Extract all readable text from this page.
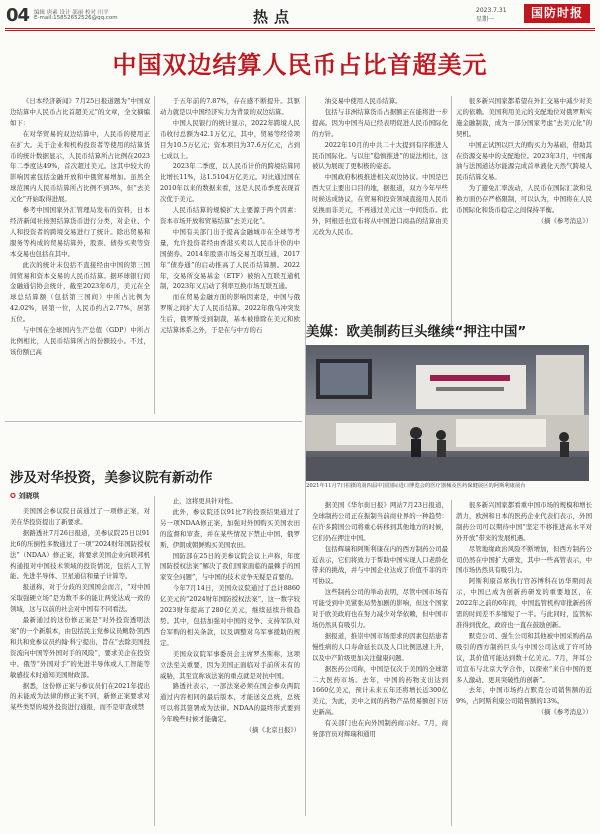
04 编辑 唐素 设计 邵丽 校对 川平
E-mail:15852652526@qq.com	热点	2023.7.31
星期一	国防时报
中国双边结算人民币占比首超美元

《日本经济新闻》7月25日报道题为“中国双边结算中人民币占比首超美元”的文章，全文摘编如下：

在对华贸易的双边结算中，人民币的使用正在扩大。关于企业和机构投资者等使用的结算货币的统计数据显示，人民币结算所占比例在2023年二季度达49%，首次超过美元。这其中较大的影响因素包括金融开放和中俄贸易增加。虽然全球范围内人民币结算所占比例不到3%，但“去美元化”开始取得进展。

参考中国国家外汇管理局发布的资料，日本经济新闻社按照结算货币进行分类，对企业、个人和投资者的跨境交易进行了统计。除出贸易和服务等构成的贸易结算外，股票、债券买卖等资本交易也包括在其中。

此次的统计未包括不直接经由中国的第三国间贸易和资本交易的人民币结算。据环球银行间金融通信协会统计，截至2023年6月，美元在全球总结算额（包括第三国间）中所占比例为42.02%，居第一位，人民币约占2.77%，居第五位。

与中国在全球国内生产总值（GDP）中所占比例相比，人民币结算所占的份额较小。不过，该份额已高

于五年前的7.87%，存在感不断提升。其驱动力就是以中国经济实力为背景的双边结算。

中国人民银行的统计显示，2022年跨境人民币收付总额为42.1万亿元，其中，贸易等经常项目为10.5万亿元；资本项目为37.6万亿元，占到七成以上。

2023年二季度，以人民币计价的跨境结算同比增长11%，达1.5104万亿美元。对比通过国在2010年以来的数据来看，这是人民币季度表现首次优于美元。

人民币结算的规模扩大主要源于两个因素：资本市场开放和贸易结算“去美元化”。

中国有关部门出于提高金融城市在全球等考量，允许投资者经由香港买卖以人民币计价的中国债券。2014年股票市场交易互联互通，2017年“债券通”的启动推高了人民币结算额。2022年，交易所交易基金（ETF）被纳入互联互通机制，2023年又启动了利率互换市场互联互通。

而在贸易金融方面的影响因素是，中国与俄罗斯之间扩大了人民币结算。2022年俄乌冲突发生后，俄罗斯受到制裁，基本被排除在美元和欧元结算体系之外，于是在与中方的石

油交易中使用人民币结算。

包括与非洲结算货币占据额正在能将进一步提高。因为中国当局已经表明促进人民币国际化的方针。

2022年10月的中共二十大提到有序推进人民币国际化。与以往“稳慎推进”的说法相比，这被认为展现了更积极的姿态。

中国政府积极推进相关双边协议。中国是巴西大豆主要出口目的地，据报道，双方今年早些时候达成协议，在贸易和投资领域直接用人民币兑换而非美元，不再通过美元这一中间货币。此外，阿根廷也宣布将从中国进口商品的结算由美元改为人民币。

很多新兴国家都希望在外汇交易中减少对美元的依赖。美国利用美元的支配地位对俄罗斯实施金融制裁，成为一部分国家考虑“去美元化”的契机。

中国正试图以巨大的购买力为基础，借助其在资源交易中的支配地位。2023年3月，中国海油与法国道达尔能源完成首单液化天然气跨境人民币结算交易。

为了避免汇率波动，人民币在国际汇款和兑换方面仍存严格限制，可以认为，中国将在人民币国际化和货币稳定之间保持平衡。

（摘《参考消息》）

美媒：欧美制药巨头继续“押注中国”
2021年11月7日拍摄的第四届中国国际进口博览会的医疗器械及医药保健展区的阿斯利康展台
涉及对华投资，美参议院有新动作
✪ 刘晓琪

美国国会参议院日前通过了一项修正案，对美在华投资提出了新要求。

据路透社7月26日报道，美参议院25日以91比6的压倒性多数通过了一项“2024财年国防授权法”（NDAA）修正案，将要求美国企业向联邦机构通报对中国技术领域的投资情况，包括人工智能、先进半导体、卫星通信和量子计算等。

报道称，对于分歧的美国国会而言，“对中国采取强硬立场”是为数不多的能让两党达成一致的领域，这与以前的社会对中国有不同看法。

最新通过的这份修正案是“对外投资透明法案”的一个新版本，由包括民主党参议员鲍勃·凯西和共和党参议员约翰·科宁提出，旨在“去除美国投资流向中国等外国对手的风险”，要求美企在投资中、俄等“外国对手”的先进半导体或人工智能等敏感技术时通知美国财政部。

据悉，这份修正案与参议员们在2021年提出的未能成为法律的修正案不同，新修正案要求对某些类型的境外投资进行通报，而不是审查或禁

止，这将更具针对性。

此外，参议院还以91比7的投票结果通过了另一项NDAA修正案，加强对外国购买美国农田的监督和审查，并在某些情况下禁止中国、俄罗斯、伊朗或朝鲜购买美国农田。

国防部在25日的美参议院会议上声称，年度国防授权法案“解决了我们国家面临的最棘手的国家安全问题”，与中国的技术竞争无疑是首要的。

今年7月14日，美国众议院通过了总计8860亿美元的“2024财年国防授权法案”，这一数字较2023财年提高了280亿美元，继续延续升级趋势。其中，包括加强对中国的竞争、支持军队对台军购的相关条款，以及调整对乌军事援助的规定。

美国众议院军事委员会主席罗杰斯称，这项立法至关重要，因为美国正面临对手前所未有的威胁，其至宣称该法案的重点就是对抗中国。

路透社表示，一部法案必须在国会参众两院通过内容相同的最后版本，才能送交总统，总统可以将其签署成为法律。NDAA的最终形式要到今年晚些时候才能确定。

（摘《北京日报》）

据美国《华尔街日报》网站7月23日报道，全球制药公司正在振制当前商业界的一种趋势：在许多跨国公司将重心转移到其他地方的时候，它们仍在押注中国。

包括辉瑞和阿斯利康在内的西方制药公司最近表示，它们将致力于帮助中国实现人口老龄化带来的挑战，并与中国企业达成了价值不菲的许可协议。

这些制药公司的举动表明，尽管中国市场有可能受到中美紧张局势加剧的影响，但这个国家对于欧美政府也在努力减少对华依赖，但中国市场仍然具有吸引力。

据报道，推崇中国市场需求的因素包括患者慢性病的人口寿命延长以及人口比例迅速上升，以及中产阶级更加关注健康问题。

据医药公司称，中国是仅次于美国的全球第二大医药市场。去年，中国的药物支出达到1660亿美元，预计未来五年还将增长近300亿美元，为此，美中之间的药物产品贸易额创下历史新高。

有关部门也在向外国制药商示好。7月，商务部官员对辉瑞和通用

很多新兴国家都看重中国市场的规模和增长潜力，欧洲和日本的医药企业代表们表示，外国制药公司可以期待中国“坚定不移推进高水平对外开放”带来的发展机遇。

尽管地缘政治风险不断增加，但西方制药公司仍然在中国扩大研发，其中一些高管表示，中国市场仍然具有吸引力。

阿斯利康首席执行官苏博科在访华期间表示，中国已成为创新药研发的重要地区，在2022年之前的6年间，中国监管机构审批新药所需的时间差不多缩短了一半。与此同时，监管标准得到优化，政府也一直在鼓励创新。

默克公司、强生公司和其他被中国采购药品吸引的西方制药巨头与中国公司达成了许可协议，其价值可能达到数十亿美元。7月，拜耳公司宣布与北京大学合作，以探索“来自中国的更多人激动、更具突破性的创新”。

去年，中国市场约占默克公司销售额的近9%，占阿斯利康公司销售额的13%。

（摘《参考消息》）
